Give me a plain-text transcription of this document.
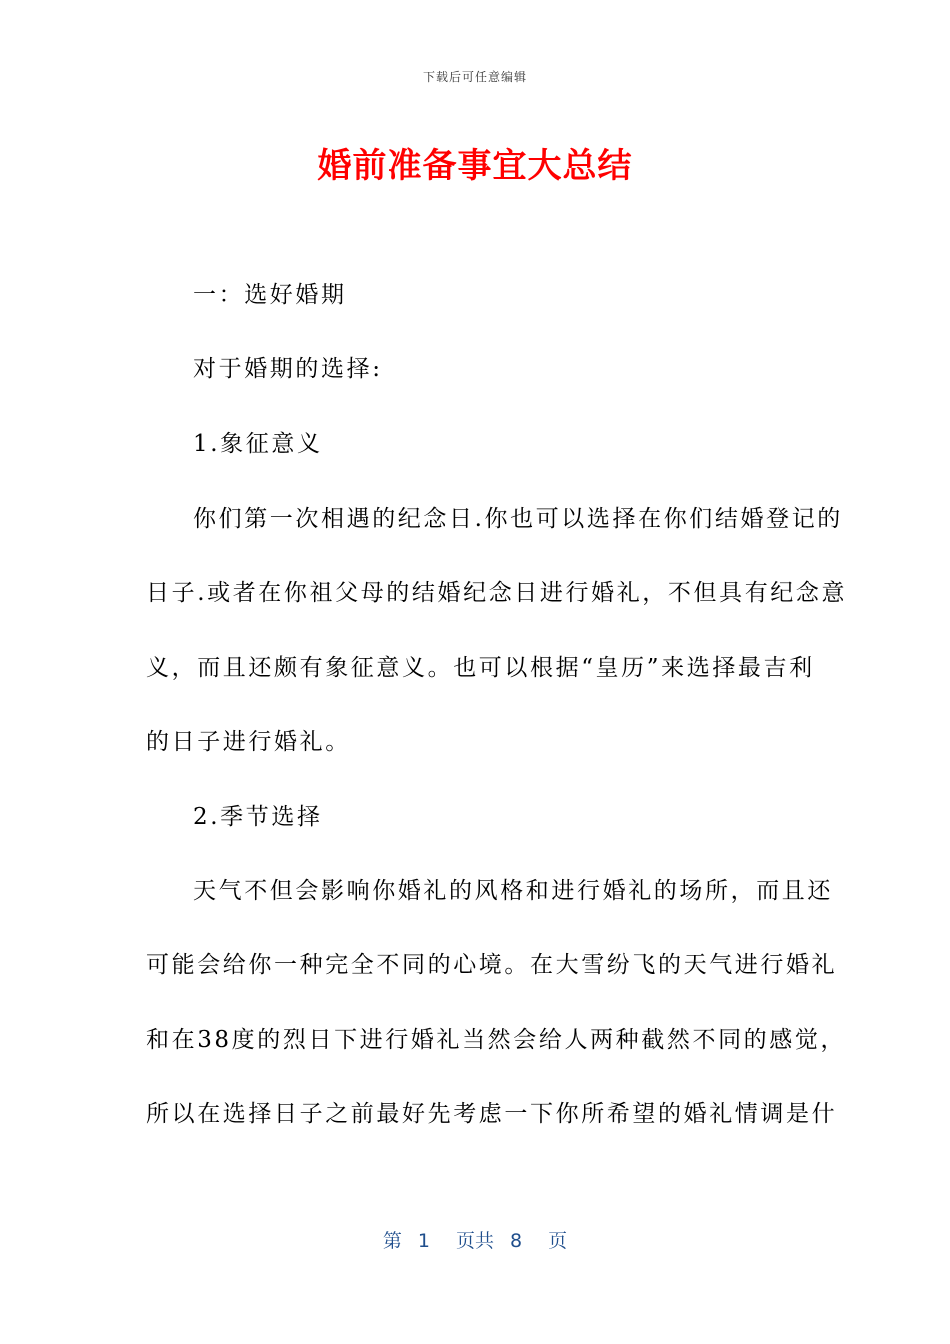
下载后可任意编辑
婚前准备事宜大总结
一：选好婚期
对于婚期的选择:
1.象征意义
你们第一次相遇的纪念日.你也可以选择在你们结婚登记的
日子.或者在你祖父母的结婚纪念日进行婚礼，不但具有纪念意
义，而且还颇有象征意义。也可以根据“皇历”来选择最吉利
的日子进行婚礼。
2.季节选择
天气不但会影响你婚礼的风格和进行婚礼的场所，而且还
可能会给你一种完全不同的心境。在大雪纷飞的天气进行婚礼
和在38度的烈日下进行婚礼当然会给人两种截然不同的感觉，
所以在选择日子之前最好先考虑一下你所希望的婚礼情调是什
第 1 页共 8 页
